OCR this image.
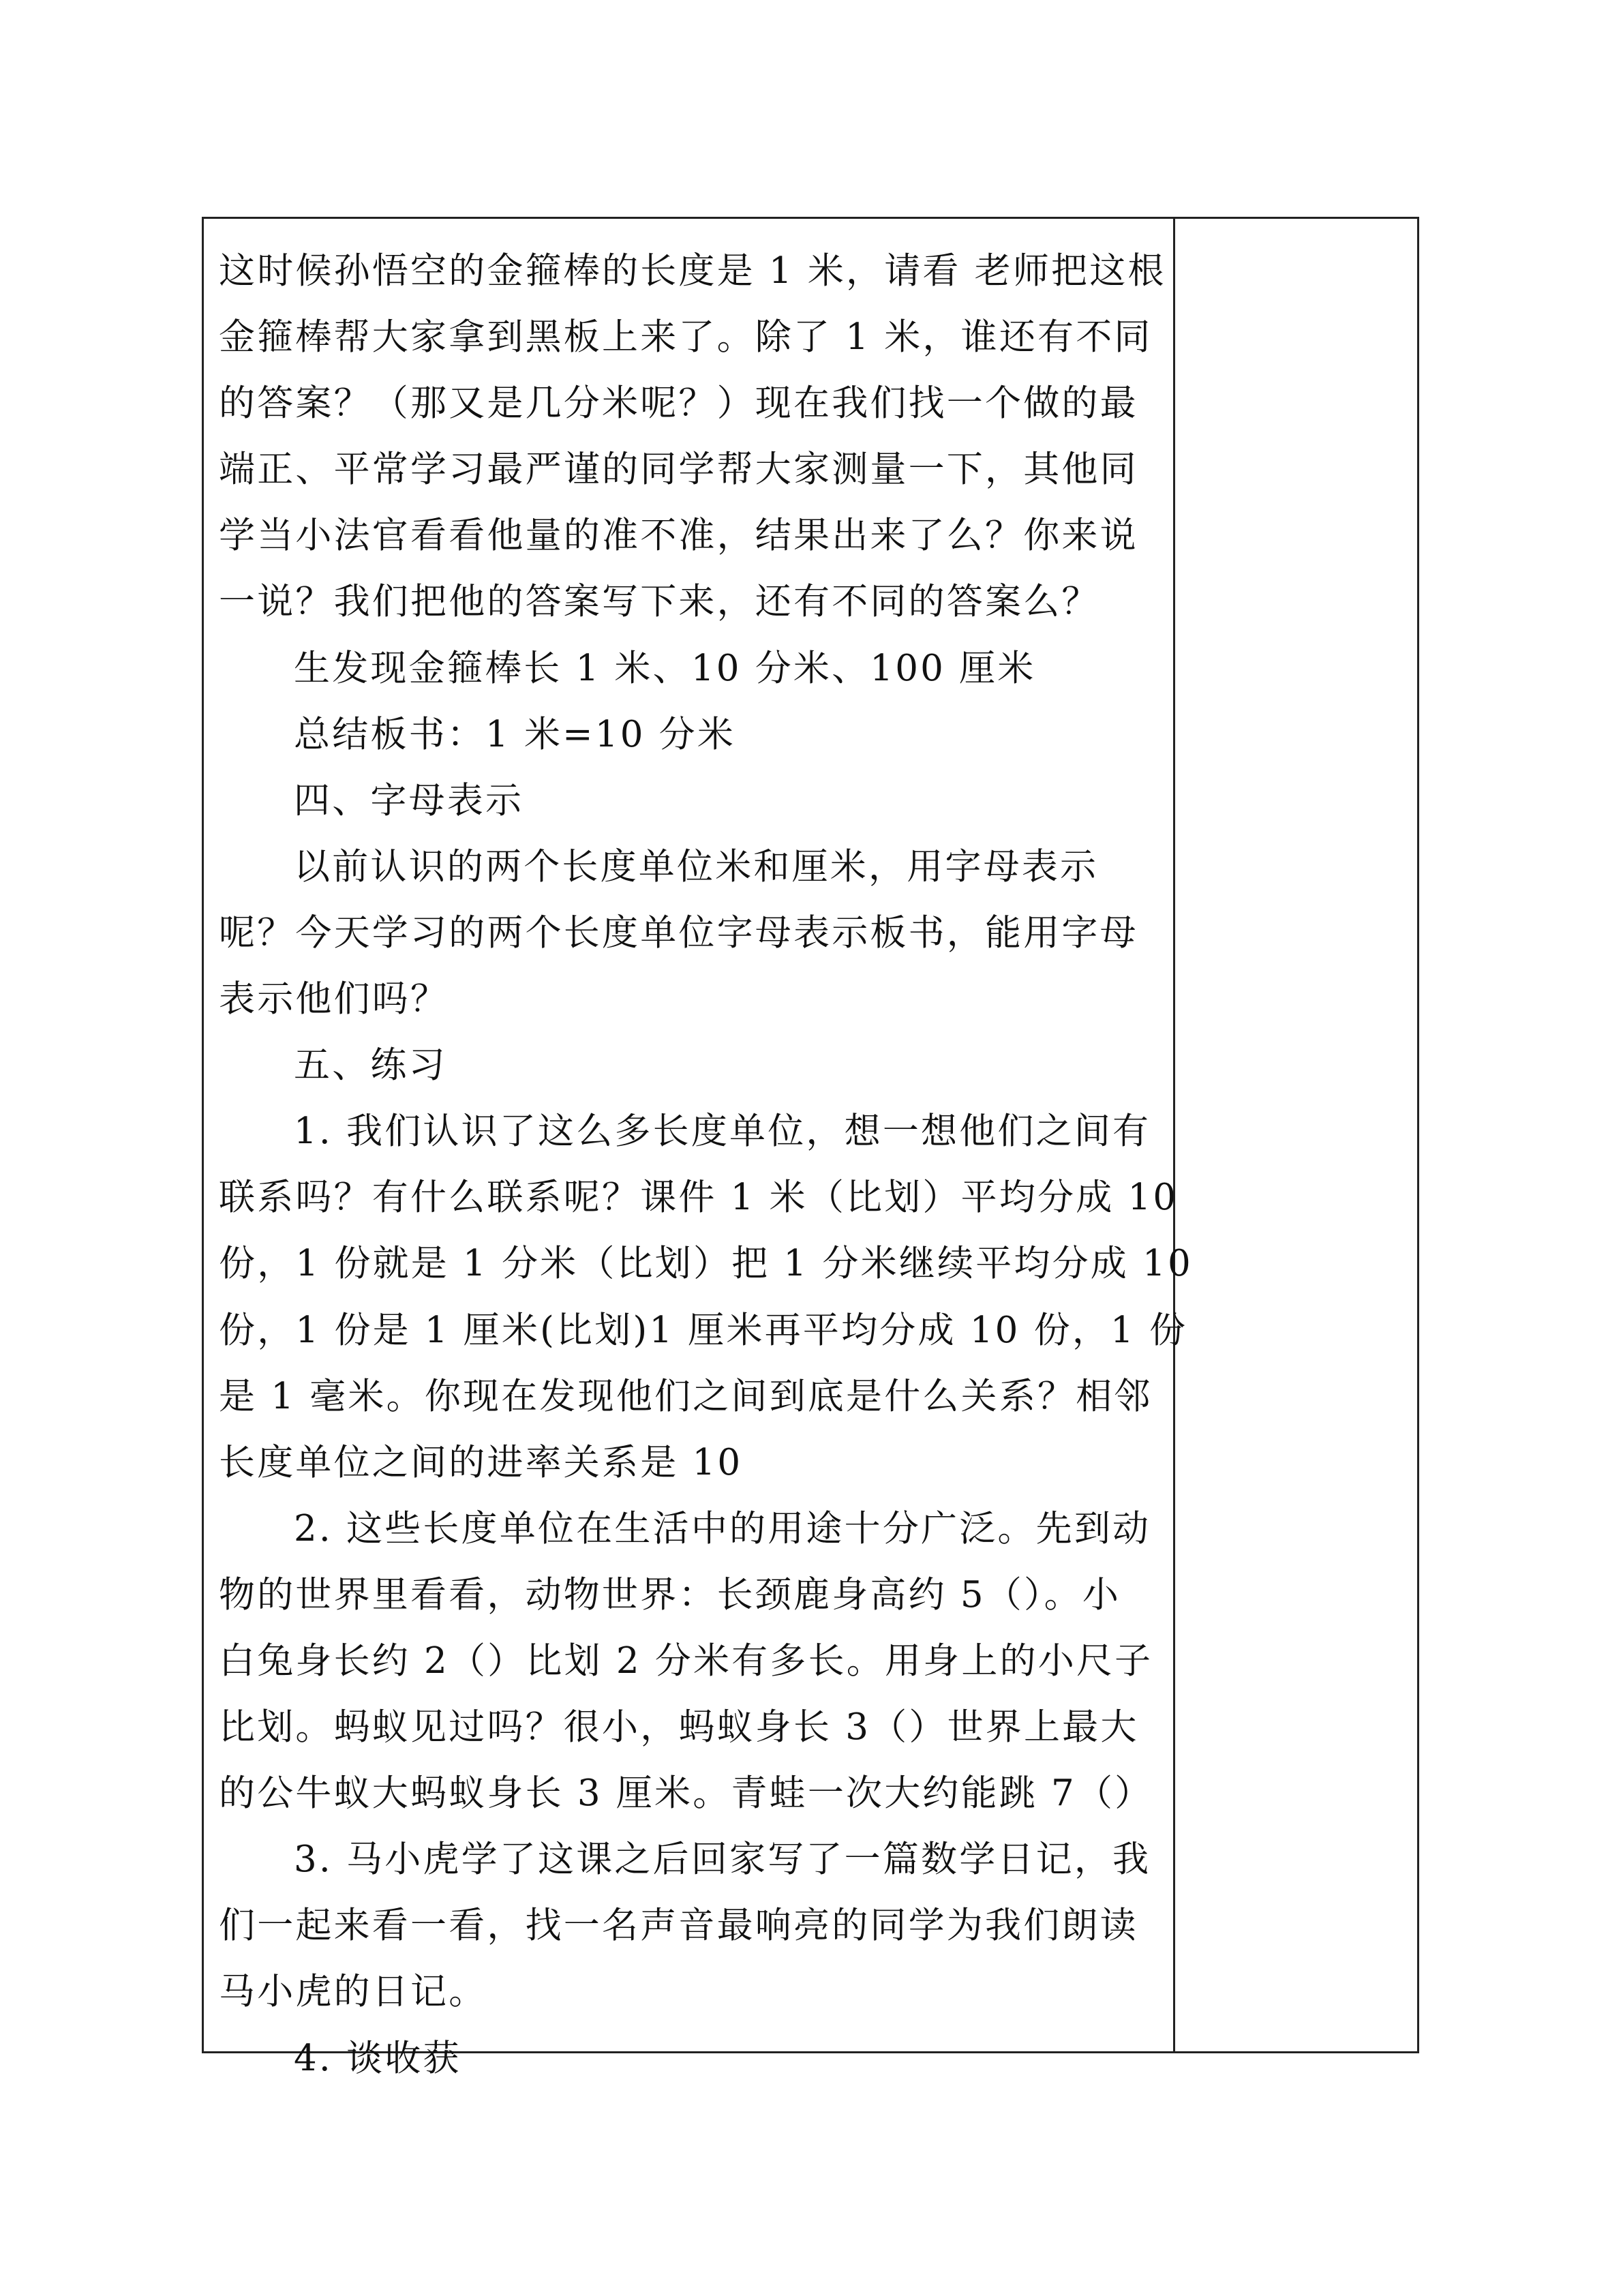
这时候孙悟空的金箍棒的长度是 1 米，请看 老师把这根
金箍棒帮大家拿到黑板上来了。除了 1 米，谁还有不同
的答案？（那又是几分米呢？）现在我们找一个做的最
端正、平常学习最严谨的同学帮大家测量一下，其他同
学当小法官看看他量的准不准，结果出来了么？你来说
一说？我们把他的答案写下来，还有不同的答案么？
生发现金箍棒长 1 米、10 分米、100 厘米
总结板书：1 米=10 分米
四、字母表示
以前认识的两个长度单位米和厘米，用字母表示
呢？今天学习的两个长度单位字母表示板书，能用字母
表示他们吗？
五、练习
1. 我们认识了这么多长度单位，想一想他们之间有
联系吗？有什么联系呢？课件 1 米（比划）平均分成 10
份，1 份就是 1 分米（比划）把 1 分米继续平均分成 10
份，1 份是 1 厘米(比划)1 厘米再平均分成 10 份，1 份
是 1 毫米。你现在发现他们之间到底是什么关系？相邻
长度单位之间的进率关系是 10
2. 这些长度单位在生活中的用途十分广泛。先到动
物的世界里看看，动物世界：长颈鹿身高约 5（）。小
白兔身长约 2（）比划 2 分米有多长。用身上的小尺子
比划。蚂蚁见过吗？很小，蚂蚁身长 3（）世界上最大
的公牛蚁大蚂蚁身长 3 厘米。青蛙一次大约能跳 7（）
3. 马小虎学了这课之后回家写了一篇数学日记，我
们一起来看一看，找一名声音最响亮的同学为我们朗读
马小虎的日记。
4. 谈收获
